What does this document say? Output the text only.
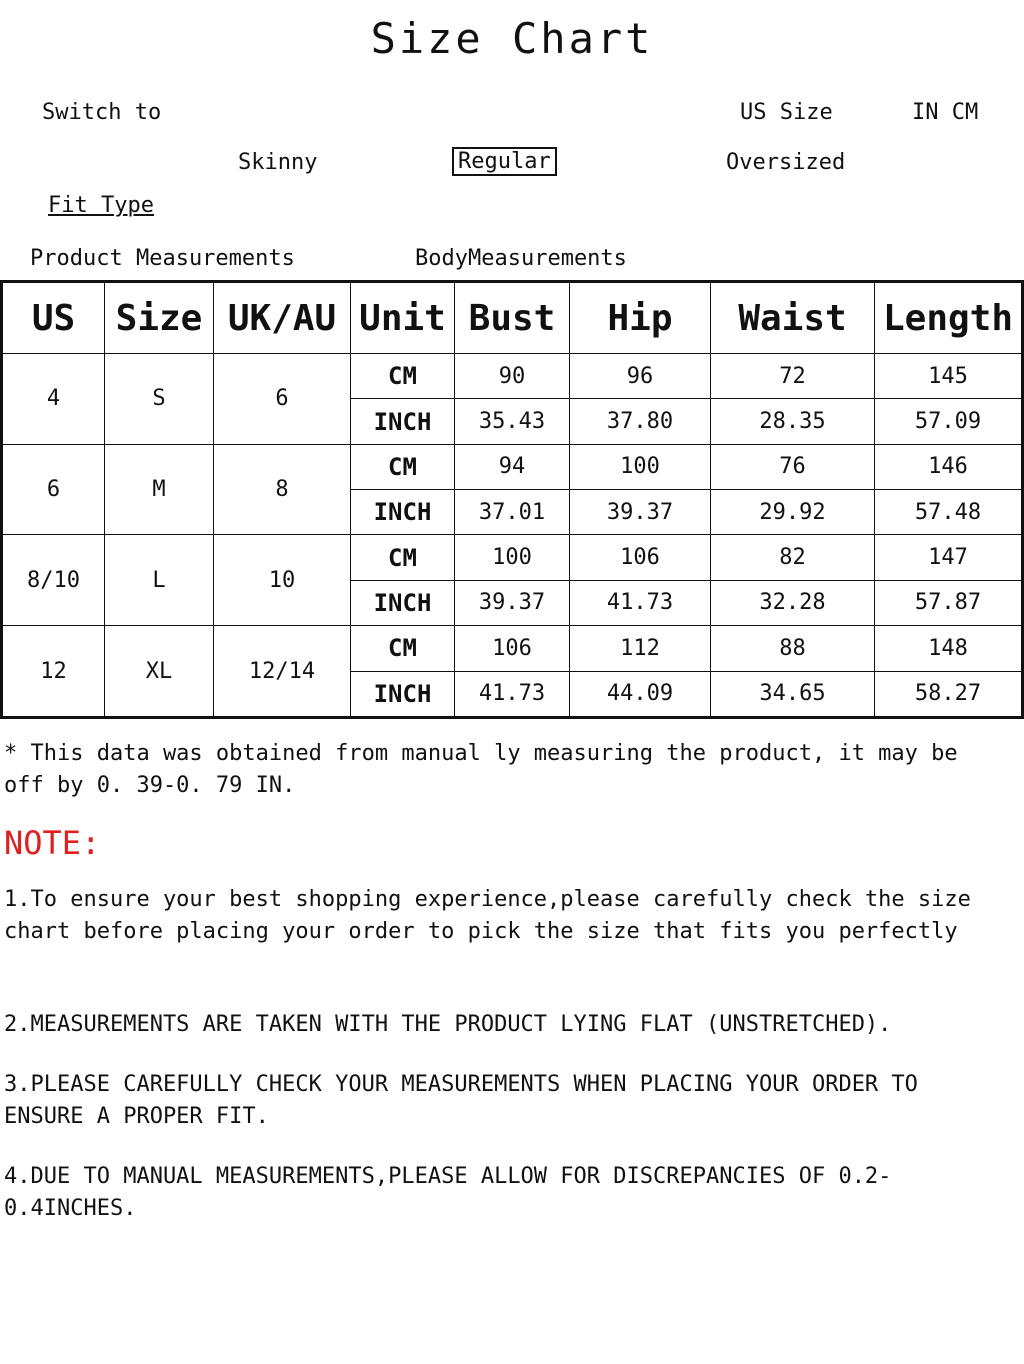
Size Chart
Switch to	US Size	IN CM
Skinny	Regular	Oversized
Fit Type
Product Measurements	BodyMeasurements
US	Size	UK/AU	Unit	Bust	Hip	Waist	Length
4	S	6	CM	90	96	72	145
			INCH	35.43	37.80	28.35	57.09
6	M	8	CM	94	100	76	146
			INCH	37.01	39.37	29.92	57.48
8/10	L	10	CM	100	106	82	147
			INCH	39.37	41.73	32.28	57.87
12	XL	12/14	CM	106	112	88	148
			INCH	41.73	44.09	34.65	58.27
* This data was obtained from manual ly measuring the product, it may be off by 0. 39-0. 79 IN.
NOTE:
1.To ensure your best shopping experience,please carefully check the size chart before placing your order to pick the size that fits you perfectly
2.MEASUREMENTS ARE TAKEN WITH THE PRODUCT LYING FLAT (UNSTRETCHED).
3.PLEASE CAREFULLY CHECK YOUR MEASUREMENTS WHEN PLACING YOUR ORDER TO ENSURE A PROPER FIT.
4.DUE TO MANUAL MEASUREMENTS,PLEASE ALLOW FOR DISCREPANCIES OF 0.2-0.4INCHES.
